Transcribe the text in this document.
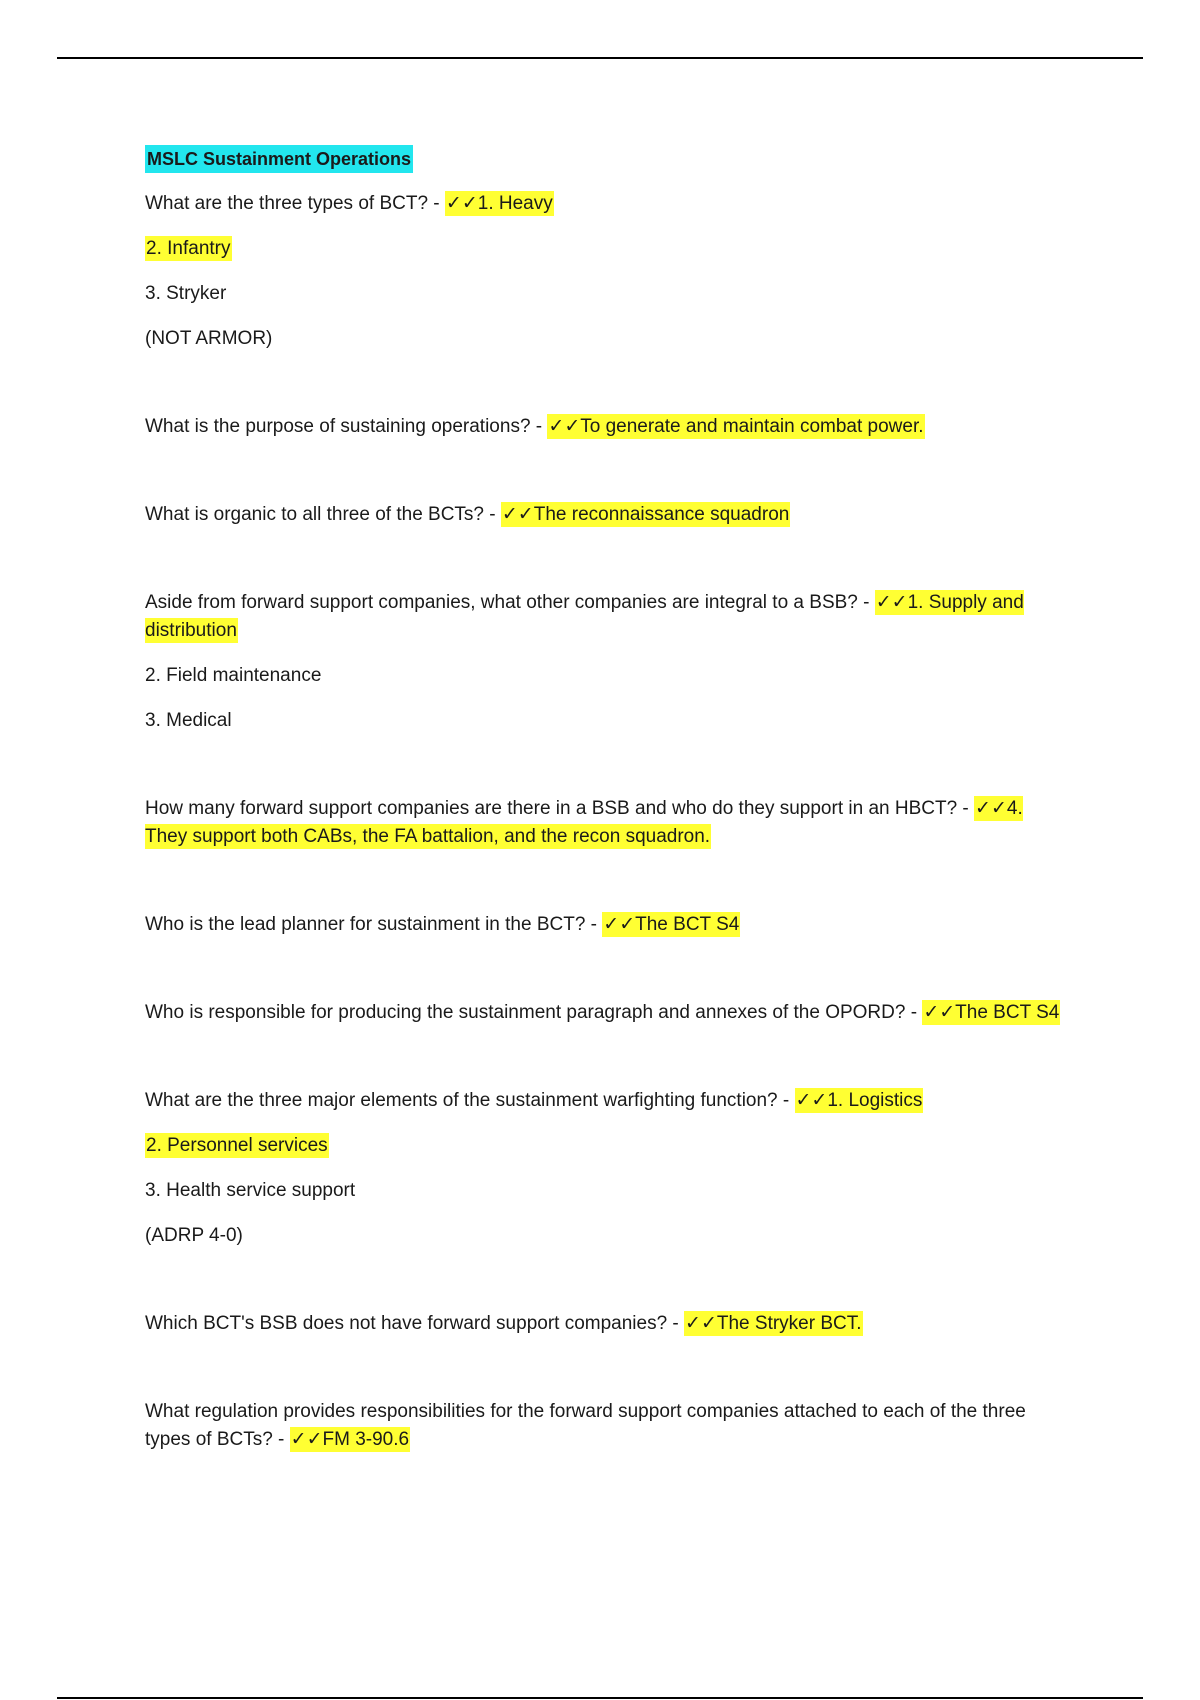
MSLC Sustainment Operations

What are the three types of BCT? - ✓✓1. Heavy

2. Infantry
3. Stryker
(NOT ARMOR)

What is the purpose of sustaining operations? - ✓✓To generate and maintain combat power.

What is organic to all three of the BCTs? - ✓✓The reconnaissance squadron

Aside from forward support companies, what other companies are integral to a BSB? - ✓✓1. Supply and distribution

2. Field maintenance
3. Medical

How many forward support companies are there in a BSB and who do they support in an HBCT? - ✓✓4. They support both CABs, the FA battalion, and the recon squadron.

Who is the lead planner for sustainment in the BCT? - ✓✓The BCT S4

Who is responsible for producing the sustainment paragraph and annexes of the OPORD? - ✓✓The BCT S4

What are the three major elements of the sustainment warfighting function? - ✓✓1. Logistics

2. Personnel services
3. Health service support
(ADRP 4-0)

Which BCT's BSB does not have forward support companies? - ✓✓The Stryker BCT.

What regulation provides responsibilities for the forward support companies attached to each of the three types of BCTs? - ✓✓FM 3-90.6
